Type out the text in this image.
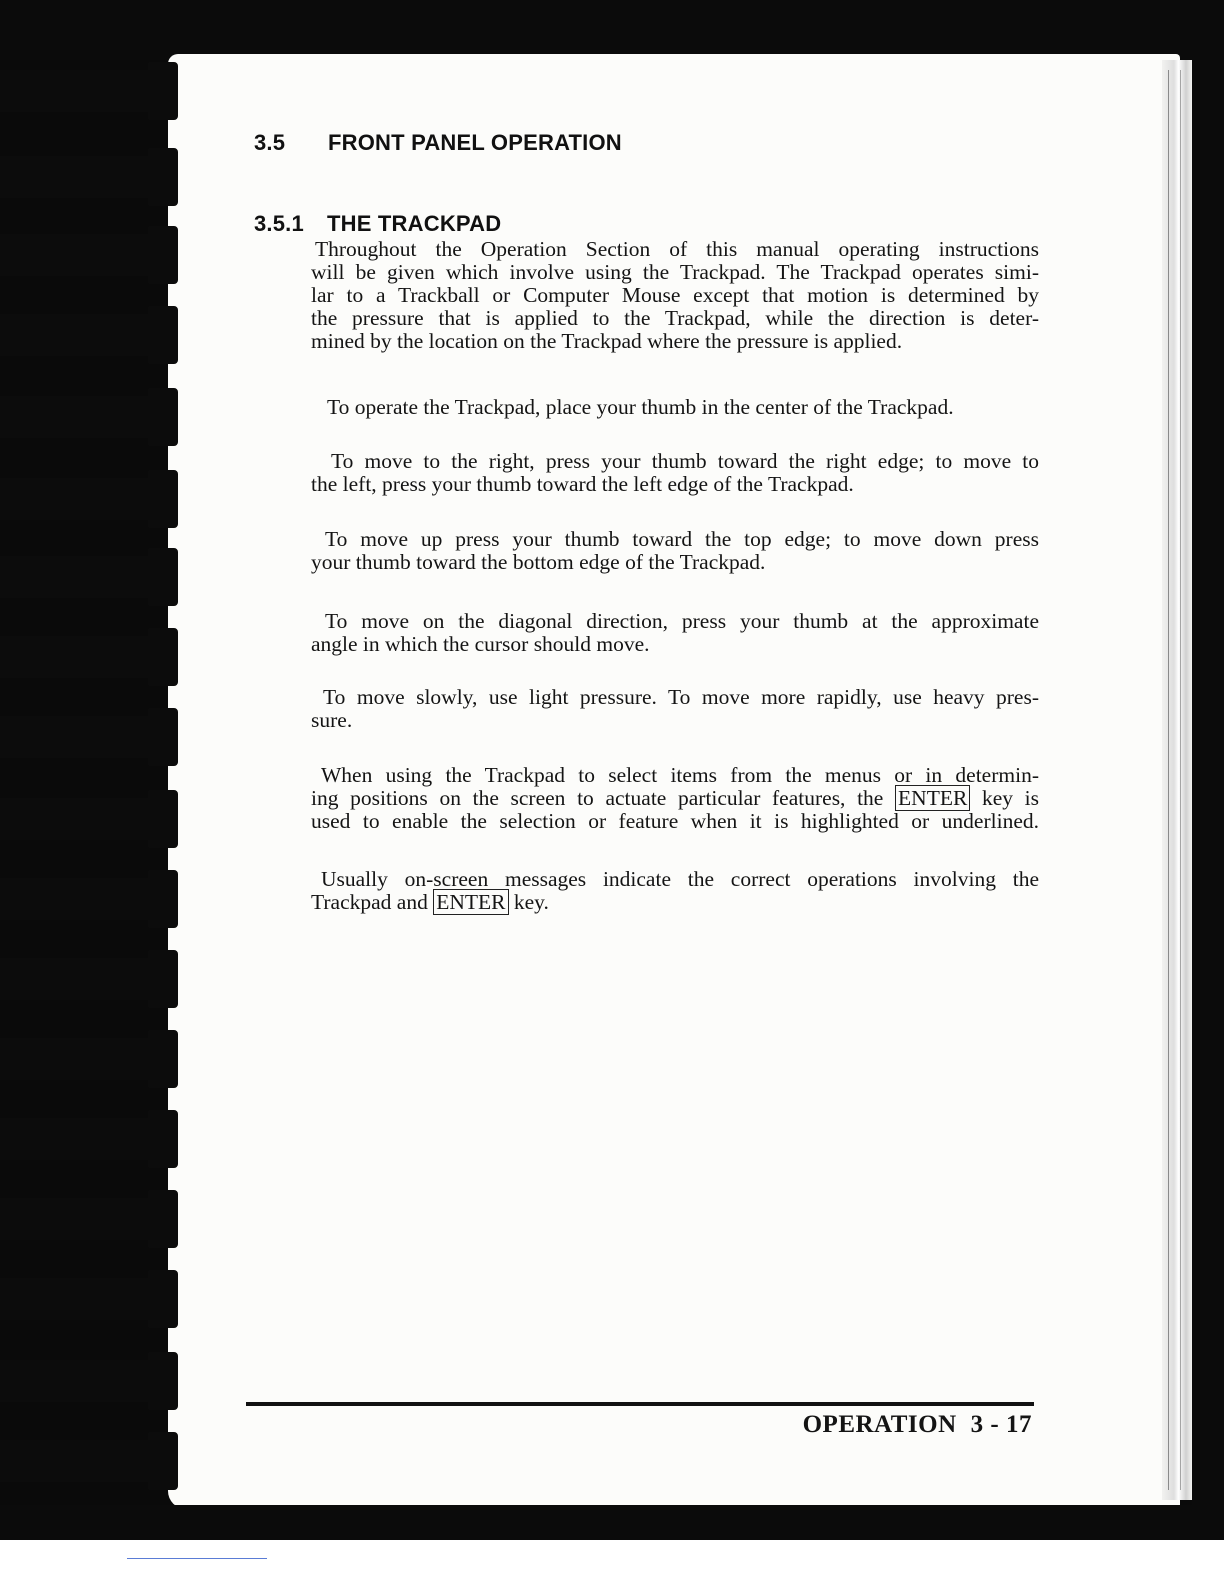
3.5 FRONT PANEL OPERATION
3.5.1 THE TRACKPAD
Throughout the Operation Section of this manual operating instructions
will be given which involve using the Trackpad. The Trackpad operates simi-
lar to a Trackball or Computer Mouse except that motion is determined by
the pressure that is applied to the Trackpad, while the direction is deter-
mined by the location on the Trackpad where the pressure is applied.
To operate the Trackpad, place your thumb in the center of the Trackpad.
To move to the right, press your thumb toward the right edge; to move to
the left, press your thumb toward the left edge of the Trackpad.
To move up press your thumb toward the top edge; to move down press
your thumb toward the bottom edge of the Trackpad.
To move on the diagonal direction, press your thumb at the approximate
angle in which the cursor should move.
To move slowly, use light pressure. To move more rapidly, use heavy pres-
sure.
When using the Trackpad to select items from the menus or in determin-
ing positions on the screen to actuate particular features, the ENTER key is
used to enable the selection or feature when it is highlighted or underlined.
Usually on-screen messages indicate the correct operations involving the
Trackpad and ENTER key.
OPERATION 3 - 17
